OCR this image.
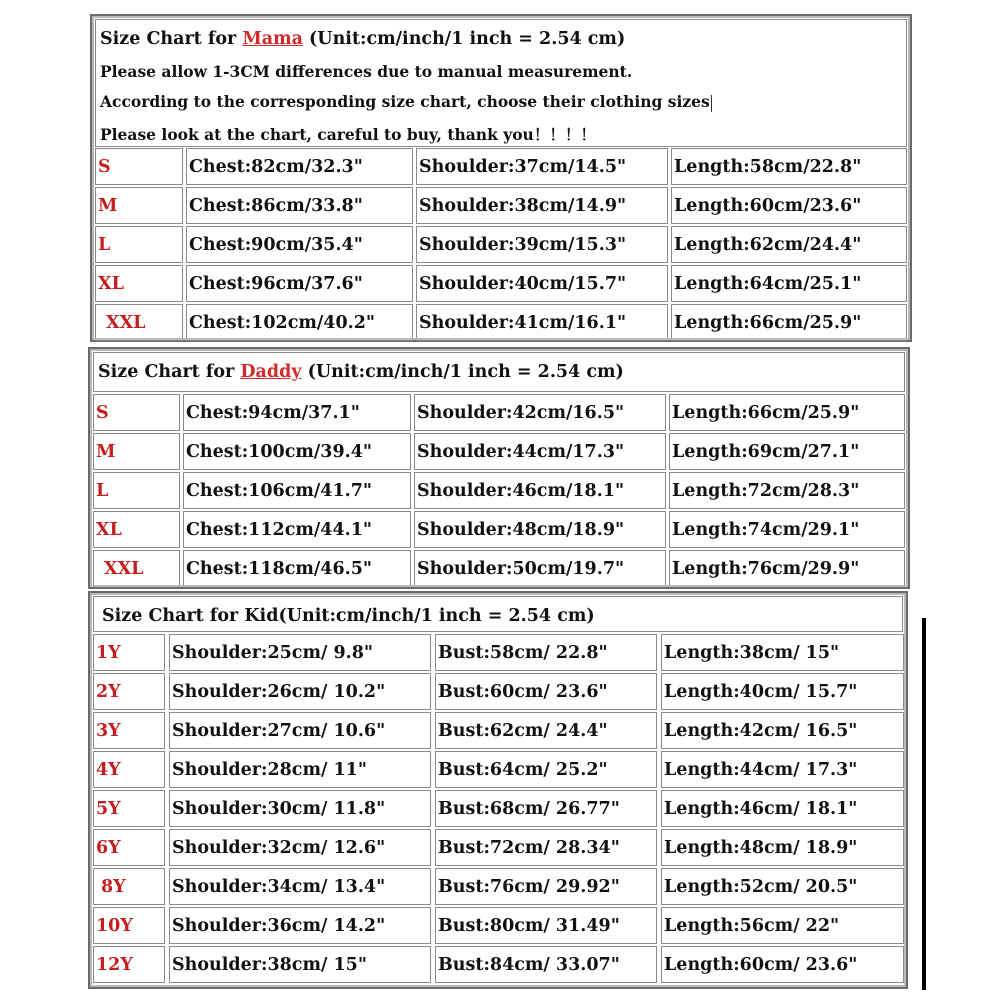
Size Chart for Mama (Unit:cm/inch/1 inch = 2.54 cm)
Please allow 1-3CM differences due to manual measurement.
According to the corresponding size chart, choose their clothing sizes
Please look at the chart, careful to buy, thank you！！！！
S	Chest:82cm/32.3"	Shoulder:37cm/14.5"	Length:58cm/22.8"
M	Chest:86cm/33.8"	Shoulder:38cm/14.9"	Length:60cm/23.6"
L	Chest:90cm/35.4"	Shoulder:39cm/15.3"	Length:62cm/24.4"
XL	Chest:96cm/37.6"	Shoulder:40cm/15.7"	Length:64cm/25.1"
XXL	Chest:102cm/40.2"	Shoulder:41cm/16.1"	Length:66cm/25.9"
Size Chart for Daddy (Unit:cm/inch/1 inch = 2.54 cm)
S	Chest:94cm/37.1"	Shoulder:42cm/16.5"	Length:66cm/25.9"
M	Chest:100cm/39.4"	Shoulder:44cm/17.3"	Length:69cm/27.1"
L	Chest:106cm/41.7"	Shoulder:46cm/18.1"	Length:72cm/28.3"
XL	Chest:112cm/44.1"	Shoulder:48cm/18.9"	Length:74cm/29.1"
XXL	Chest:118cm/46.5"	Shoulder:50cm/19.7"	Length:76cm/29.9"
Size Chart for Kid(Unit:cm/inch/1 inch = 2.54 cm)
1Y	Shoulder:25cm/ 9.8"	Bust:58cm/ 22.8"	Length:38cm/ 15"
2Y	Shoulder:26cm/ 10.2"	Bust:60cm/ 23.6"	Length:40cm/ 15.7"
3Y	Shoulder:27cm/ 10.6"	Bust:62cm/ 24.4"	Length:42cm/ 16.5"
4Y	Shoulder:28cm/ 11"	Bust:64cm/ 25.2"	Length:44cm/ 17.3"
5Y	Shoulder:30cm/ 11.8"	Bust:68cm/ 26.77"	Length:46cm/ 18.1"
6Y	Shoulder:32cm/ 12.6"	Bust:72cm/ 28.34"	Length:48cm/ 18.9"
8Y	Shoulder:34cm/ 13.4"	Bust:76cm/ 29.92"	Length:52cm/ 20.5"
10Y	Shoulder:36cm/ 14.2"	Bust:80cm/ 31.49"	Length:56cm/ 22"
12Y	Shoulder:38cm/ 15"	Bust:84cm/ 33.07"	Length:60cm/ 23.6"
